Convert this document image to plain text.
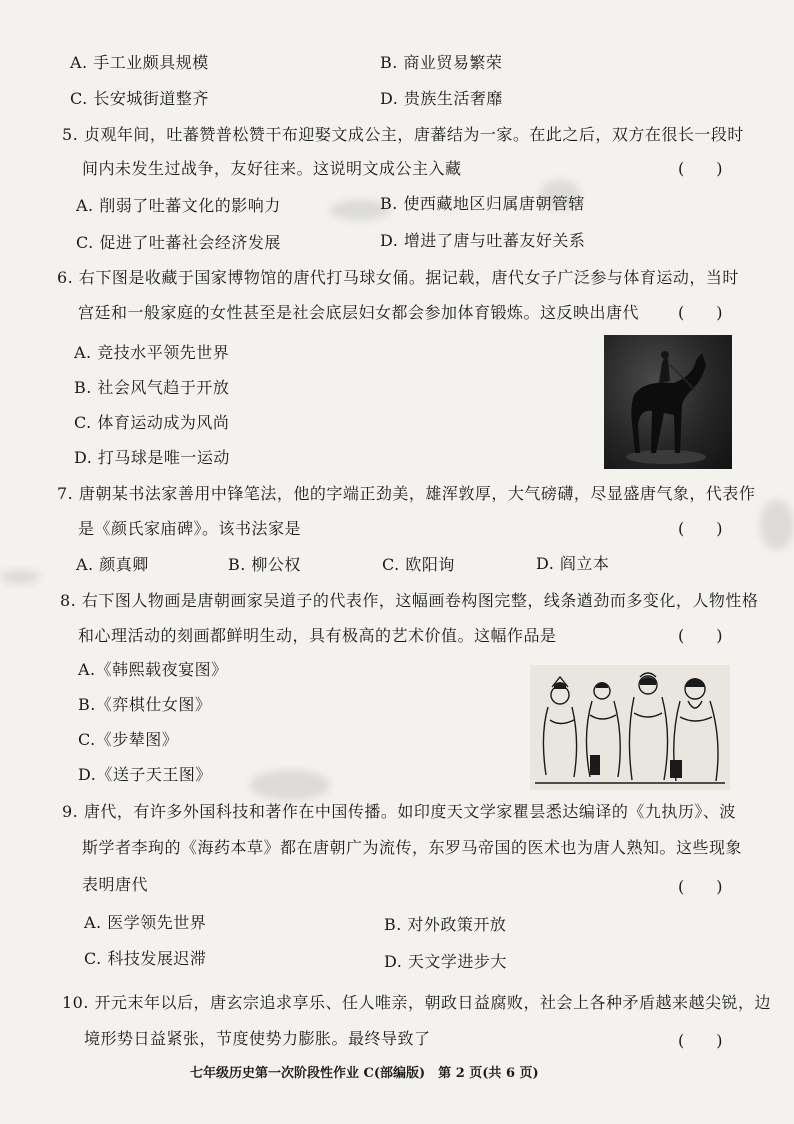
A. 手工业颇具规模	B. 商业贸易繁荣
C. 长安城街道整齐	D. 贵族生活奢靡
5. 贞观年间，吐蕃赞普松赞干布迎娶文成公主，唐蕃结为一家。在此之后，双方在很长一段时
间内未发生过战争，友好往来。这说明文成公主入藏	(　　)
A. 削弱了吐蕃文化的影响力	B. 使西藏地区归属唐朝管辖
C. 促进了吐蕃社会经济发展	D. 增进了唐与吐蕃友好关系
6. 右下图是收藏于国家博物馆的唐代打马球女俑。据记载，唐代女子广泛参与体育运动，当时
宫廷和一般家庭的女性甚至是社会底层妇女都会参加体育锻炼。这反映出唐代 (　　)
A. 竞技水平领先世界
B. 社会风气趋于开放
C. 体育运动成为风尚
D. 打马球是唯一运动
7. 唐朝某书法家善用中锋笔法，他的字端正劲美，雄浑敦厚，大气磅礴，尽显盛唐气象，代表作
是《颜氏家庙碑》。该书法家是	(　　)
A. 颜真卿	B. 柳公权	C. 欧阳询	D. 阎立本
8. 右下图人物画是唐朝画家吴道子的代表作，这幅画卷构图完整，线条遒劲而多变化，人物性格
和心理活动的刻画都鲜明生动，具有极高的艺术价值。这幅作品是	(　　)
A.《韩熙载夜宴图》
B.《弈棋仕女图》
C.《步辇图》
D.《送子天王图》
9. 唐代，有许多外国科技和著作在中国传播。如印度天文学家瞿昙悉达编译的《九执历》、波
斯学者李珣的《海药本草》都在唐朝广为流传，东罗马帝国的医术也为唐人熟知。这些现象
表明唐代	(　　)
A. 医学领先世界	B. 对外政策开放
C. 科技发展迟滞	D. 天文学进步大
10. 开元末年以后，唐玄宗追求享乐、任人唯亲，朝政日益腐败，社会上各种矛盾越来越尖锐，边
境形势日益紧张，节度使势力膨胀。最终导致了	(　　)
七年级历史第一次阶段性作业 C(部编版)　第 2 页(共 6 页)
